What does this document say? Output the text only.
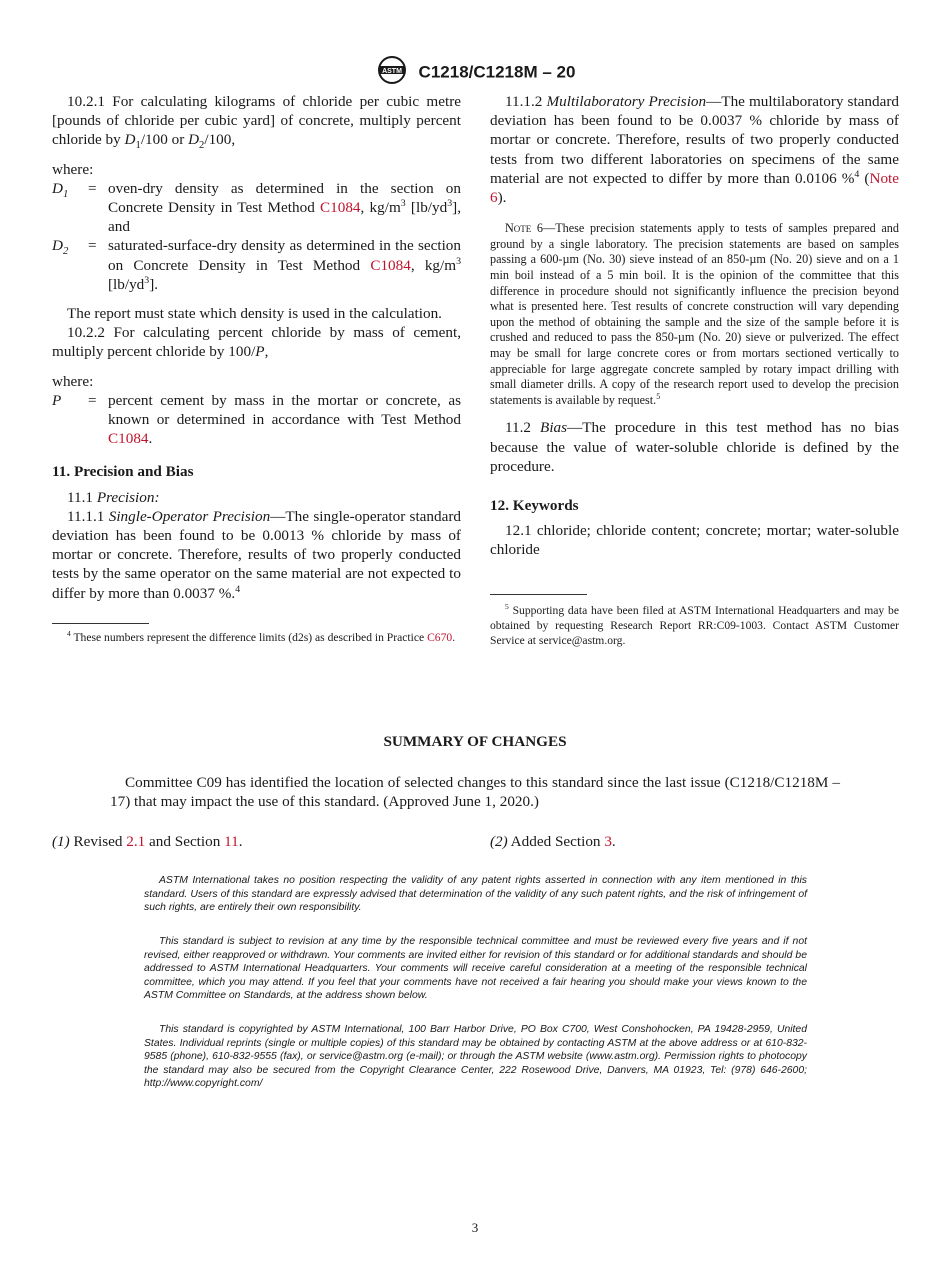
ASTM C1218/C1218M – 20

10.2.1 For calculating kilograms of chloride per cubic metre [pounds of chloride per cubic yard] of concrete, multiply percent chloride by $D_1/100$ or $D_2/100$,

where:

$D_1$	= oven-dry density as determined in the section on Concrete Density in Test Method C1084, $kg/m^3$ $[lb/yd^3]$, and
$D_2$	= saturated-surface-dry density as determined in the section on Concrete Density in Test Method C1084, $kg/m^3$ $[lb/yd^3]$.

The report must state which density is used in the calculation.

10.2.2 For calculating percent chloride by mass of cement, multiply percent chloride by 100/P,

where:

P	= percent cement by mass in the mortar or concrete, as known or determined in accordance with Test Method C1084.
11. Precision and Bias

11.1 Precision:

11.1.1 Single-Operator Precision—The single-operator standard deviation has been found to be 0.0013 % chloride by mass of mortar or concrete. Therefore, results of two properly conducted tests by the same operator on the same material are not expected to differ by more than 0.0037 %.$^4$

$^4$ These numbers represent the difference limits (d2s) as described in Practice C670.

11.1.2 Multilaboratory Precision—The multilaboratory standard deviation has been found to be 0.0037 % chloride by mass of mortar or concrete. Therefore, results of two properly conducted tests from two different laboratories on specimens of the same material are not expected to differ by more than 0.0106 %$^4$ (Note 6).

Note 6—These precision statements apply to tests of samples prepared and ground by a single laboratory. The precision statements are based on samples passing a 600-µm (No. 30) sieve instead of an 850-µm (No. 20) sieve and on a 1 min boil instead of a 5 min boil. It is the opinion of the committee that this difference in procedure should not significantly influence the precision beyond what is presented here. Test results of concrete construction will vary depending upon the method of obtaining the sample and the size of the sample before it is crushed and reduced to pass the 850-µm (No. 20) sieve or pulverized. The effect may be small for large concrete cores or from mortars sectioned vertically to appreciable for large aggregate concrete sampled by rotary impact drilling with small diameter drills. A copy of the research report used to develop the precision statements is available by request.$^5$

11.2 Bias—The procedure in this test method has no bias because the value of water-soluble chloride is defined by the procedure.

12. Keywords

12.1 chloride; chloride content; concrete; mortar; water-soluble chloride

$^5$ Supporting data have been filed at ASTM International Headquarters and may be obtained by requesting Research Report RR:C09-1003. Contact ASTM Customer Service at service@astm.org.

SUMMARY OF CHANGES

Committee C09 has identified the location of selected changes to this standard since the last issue (C1218/C1218M – 17) that may impact the use of this standard. (Approved June 1, 2020.)

(1) Revised 2.1 and Section 11.	(2) Added Section 3.

ASTM International takes no position respecting the validity of any patent rights asserted in connection with any item mentioned in this standard. Users of this standard are expressly advised that determination of the validity of any such patent rights, and the risk of infringement of such rights, are entirely their own responsibility.

This standard is subject to revision at any time by the responsible technical committee and must be reviewed every five years and if not revised, either reapproved or withdrawn. Your comments are invited either for revision of this standard or for additional standards and should be addressed to ASTM International Headquarters. Your comments will receive careful consideration at a meeting of the responsible technical committee, which you may attend. If you feel that your comments have not received a fair hearing you should make your views known to the ASTM Committee on Standards, at the address shown below.

This standard is copyrighted by ASTM International, 100 Barr Harbor Drive, PO Box C700, West Conshohocken, PA 19428-2959, United States. Individual reprints (single or multiple copies) of this standard may be obtained by contacting ASTM at the above address or at 610-832-9585 (phone), 610-832-9555 (fax), or service@astm.org (e-mail); or through the ASTM website (www.astm.org). Permission rights to photocopy the standard may also be secured from the Copyright Clearance Center, 222 Rosewood Drive, Danvers, MA 01923, Tel: (978) 646-2600; http://www.copyright.com/

3
